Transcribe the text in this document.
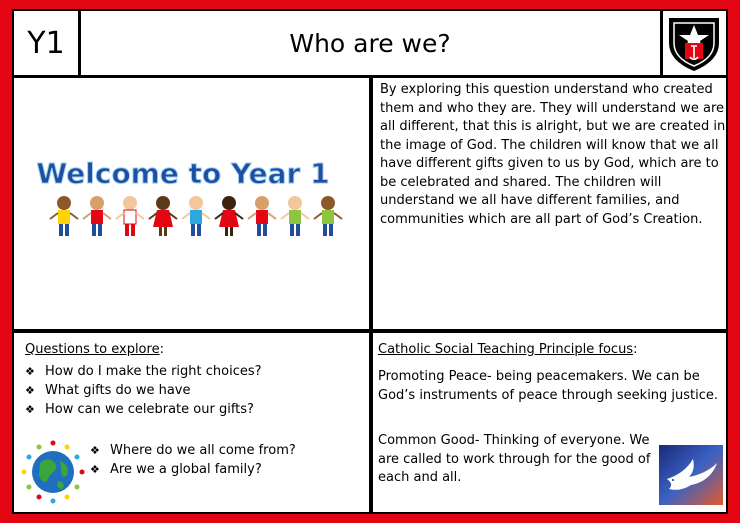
Y1	Who are we?
Welcome to Year 1
By exploring this question understand who created them and who they are. They will understand we are all different, that this is alright, but we are created in the image of God. The children will know that we all have different gifts given to us by God, which are to be celebrated and shared. The children will understand we all have different families, and communities which are all part of God’s Creation.
Questions to explore:
❖ How do I make the right choices?
❖ What gifts do we have
❖ How can we celebrate our gifts?
❖ Where do we all come from?
❖ Are we a global family?
Catholic Social Teaching Principle focus:
Promoting Peace- being peacemakers. We can be God’s instruments of peace through seeking justice.
Common Good- Thinking of everyone. We are called to work through for the good of each and all.
